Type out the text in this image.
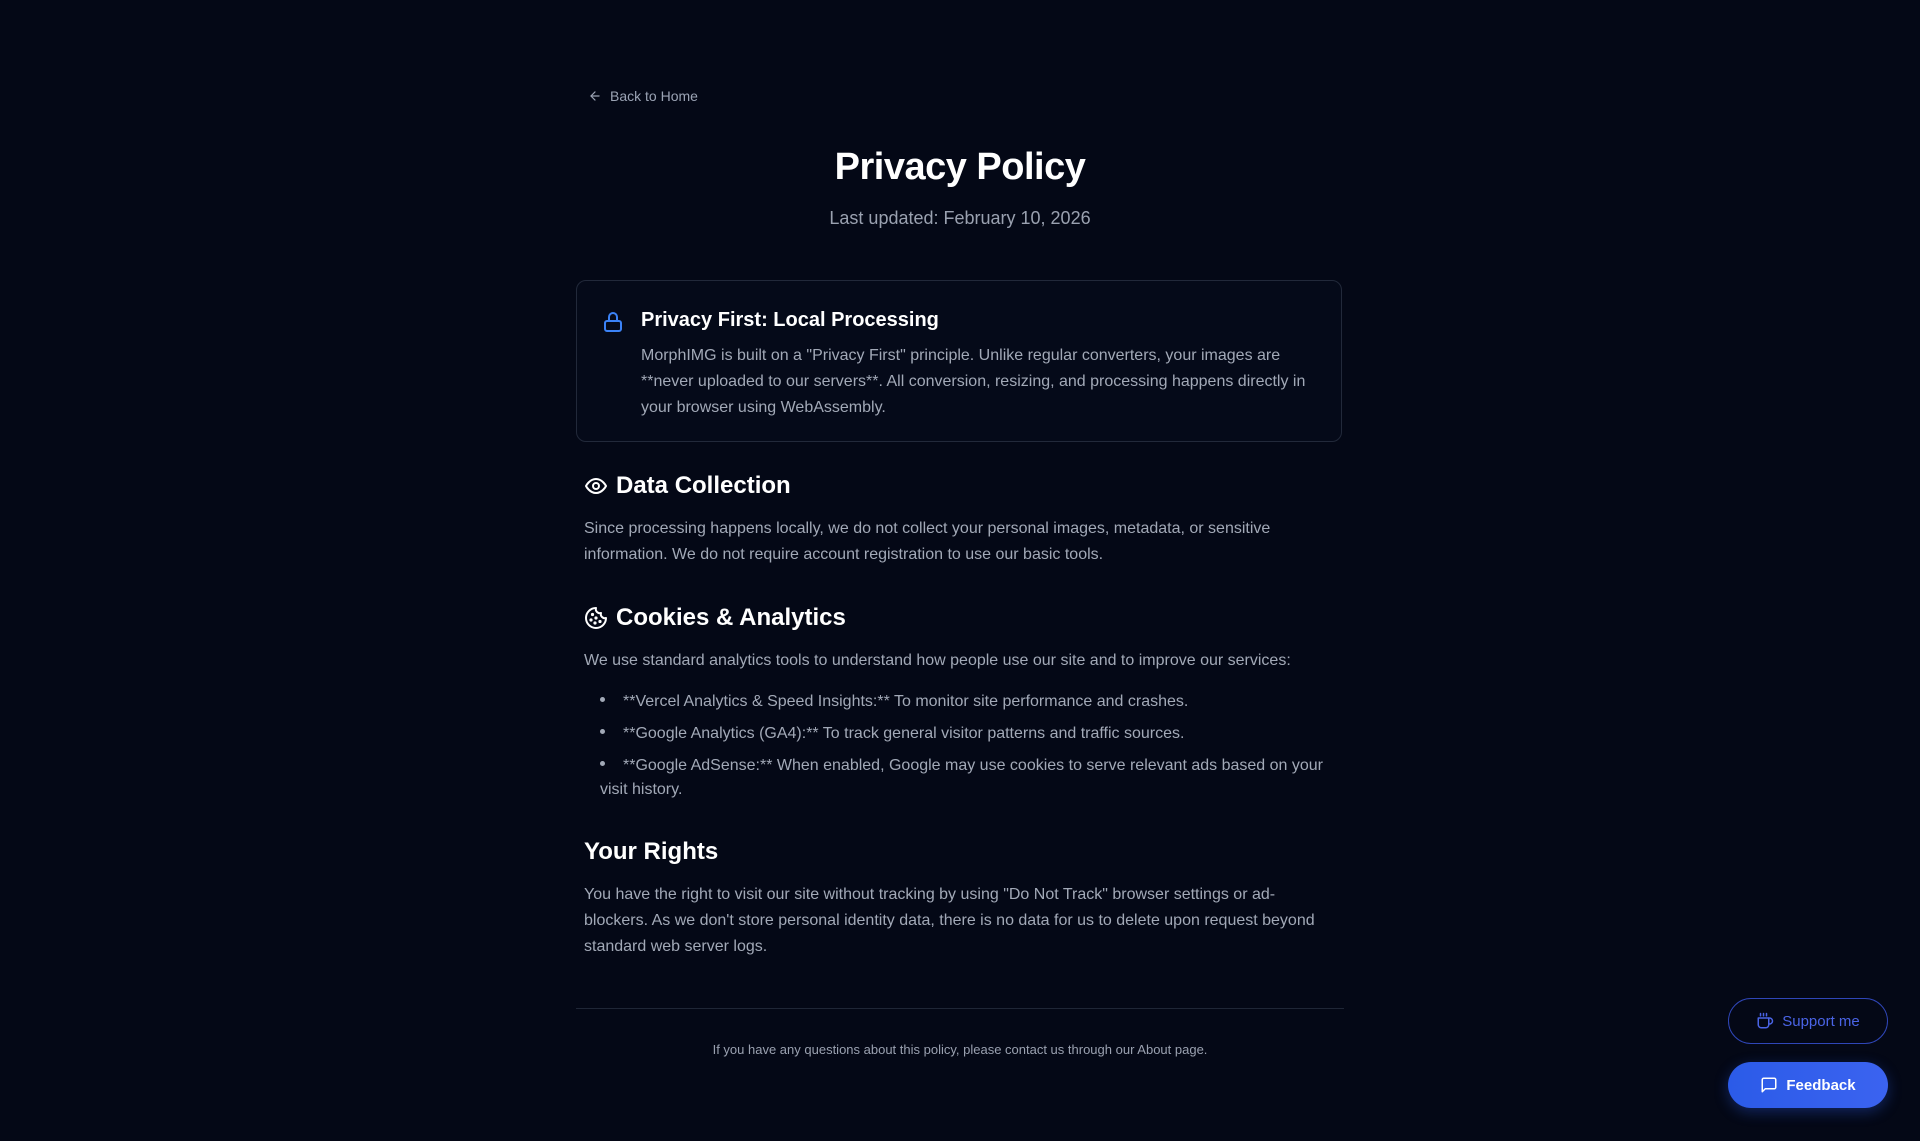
Back to Home
Privacy Policy
Last updated: February 10, 2026
Privacy First: Local Processing

MorphIMG is built on a "Privacy First" principle. Unlike regular converters, your images are **never uploaded to our servers**. All conversion, resizing, and processing happens directly in your browser using WebAssembly.

Data Collection

Since processing happens locally, we do not collect your personal images, metadata, or sensitive information. We do not require account registration to use our basic tools.

Cookies & Analytics

We use standard analytics tools to understand how people use our site and to improve our services:

**Vercel Analytics & Speed Insights:** To monitor site performance and crashes.
**Google Analytics (GA4):** To track general visitor patterns and traffic sources.
**Google AdSense:** When enabled, Google may use cookies to serve relevant ads based on your visit history.
Your Rights

You have the right to visit our site without tracking by using "Do Not Track" browser settings or ad-blockers. As we don't store personal identity data, there is no data for us to delete upon request beyond standard web server logs.

If you have any questions about this policy, please contact us through our About page.
Support me
Feedback
